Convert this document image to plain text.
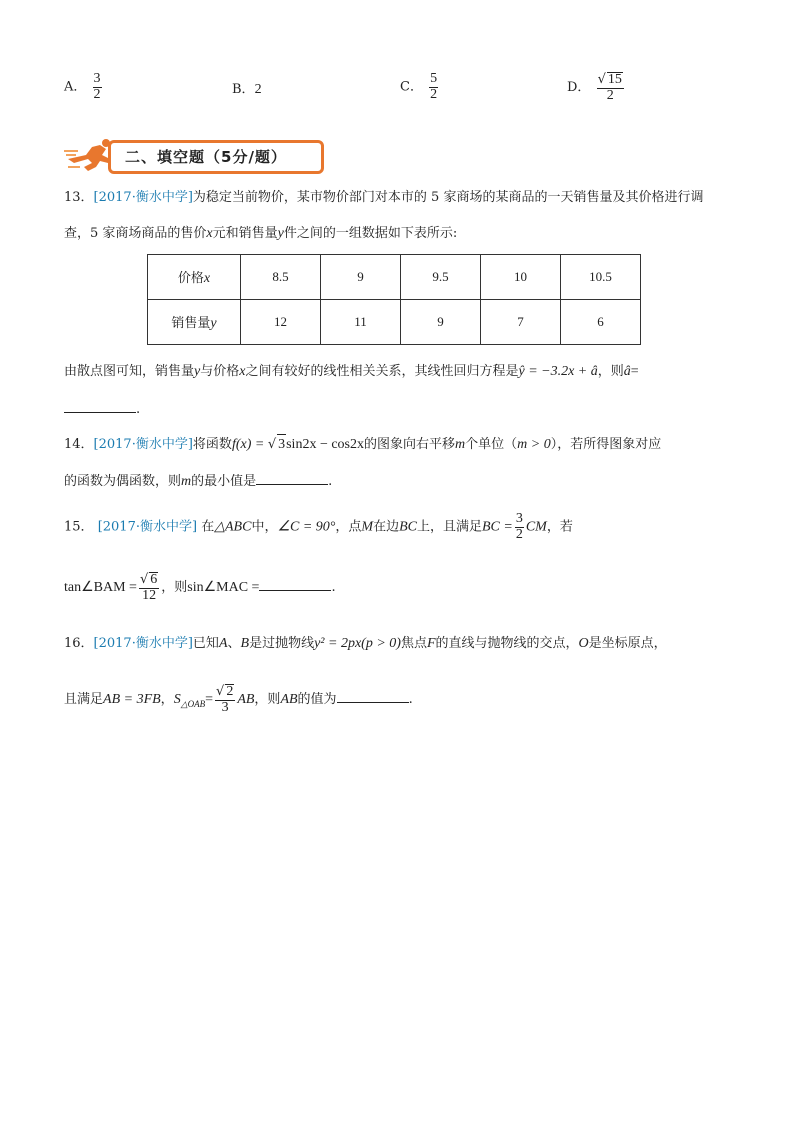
A． $\frac{3}{2}$	B．2	C． $\frac{5}{2}$	D． $\frac{√ 15}{2}$
二、填空题（5分/题）
13．[2017·衡水中学]为稳定当前物价，某市物价部门对本市的 5 家商场的某商品的一天销售量及其价格进行调
查，5 家商场商品的售价x元和销售量y件之间的一组数据如下表所示:
价格x	8.5	9	9.5	10	10.5
销售量y	12	11	9	7	6
由散点图可知，销售量y与价格x之间有较好的线性相关关系，其线性回归方程是ŷ = −3.2x + â，则â=
.
14．[2017·衡水中学]将函数f(x) = √ 3sin2x − cos2x的图象向右平移m个单位（m > 0），若所得图象对应
的函数为偶函数，则m的最小值是	.
15． [2017·衡水中学] 在△ABC中，∠C = 90°，点M在边BC上，且满足BC = $\frac{3}{2}$ CM，若
tan∠BAM = $\frac{√ 6}{12}$ ，则sin∠MAC =	.
16．[2017·衡水中学]已知A、B是过抛物线y² = 2px(p > 0)焦点F的直线与抛物线的交点，O是坐标原点，
且满足AB = 3FB，$S_{\triangle OAB}= \frac{√ 2}{3}$ AB，则AB的值为	.
